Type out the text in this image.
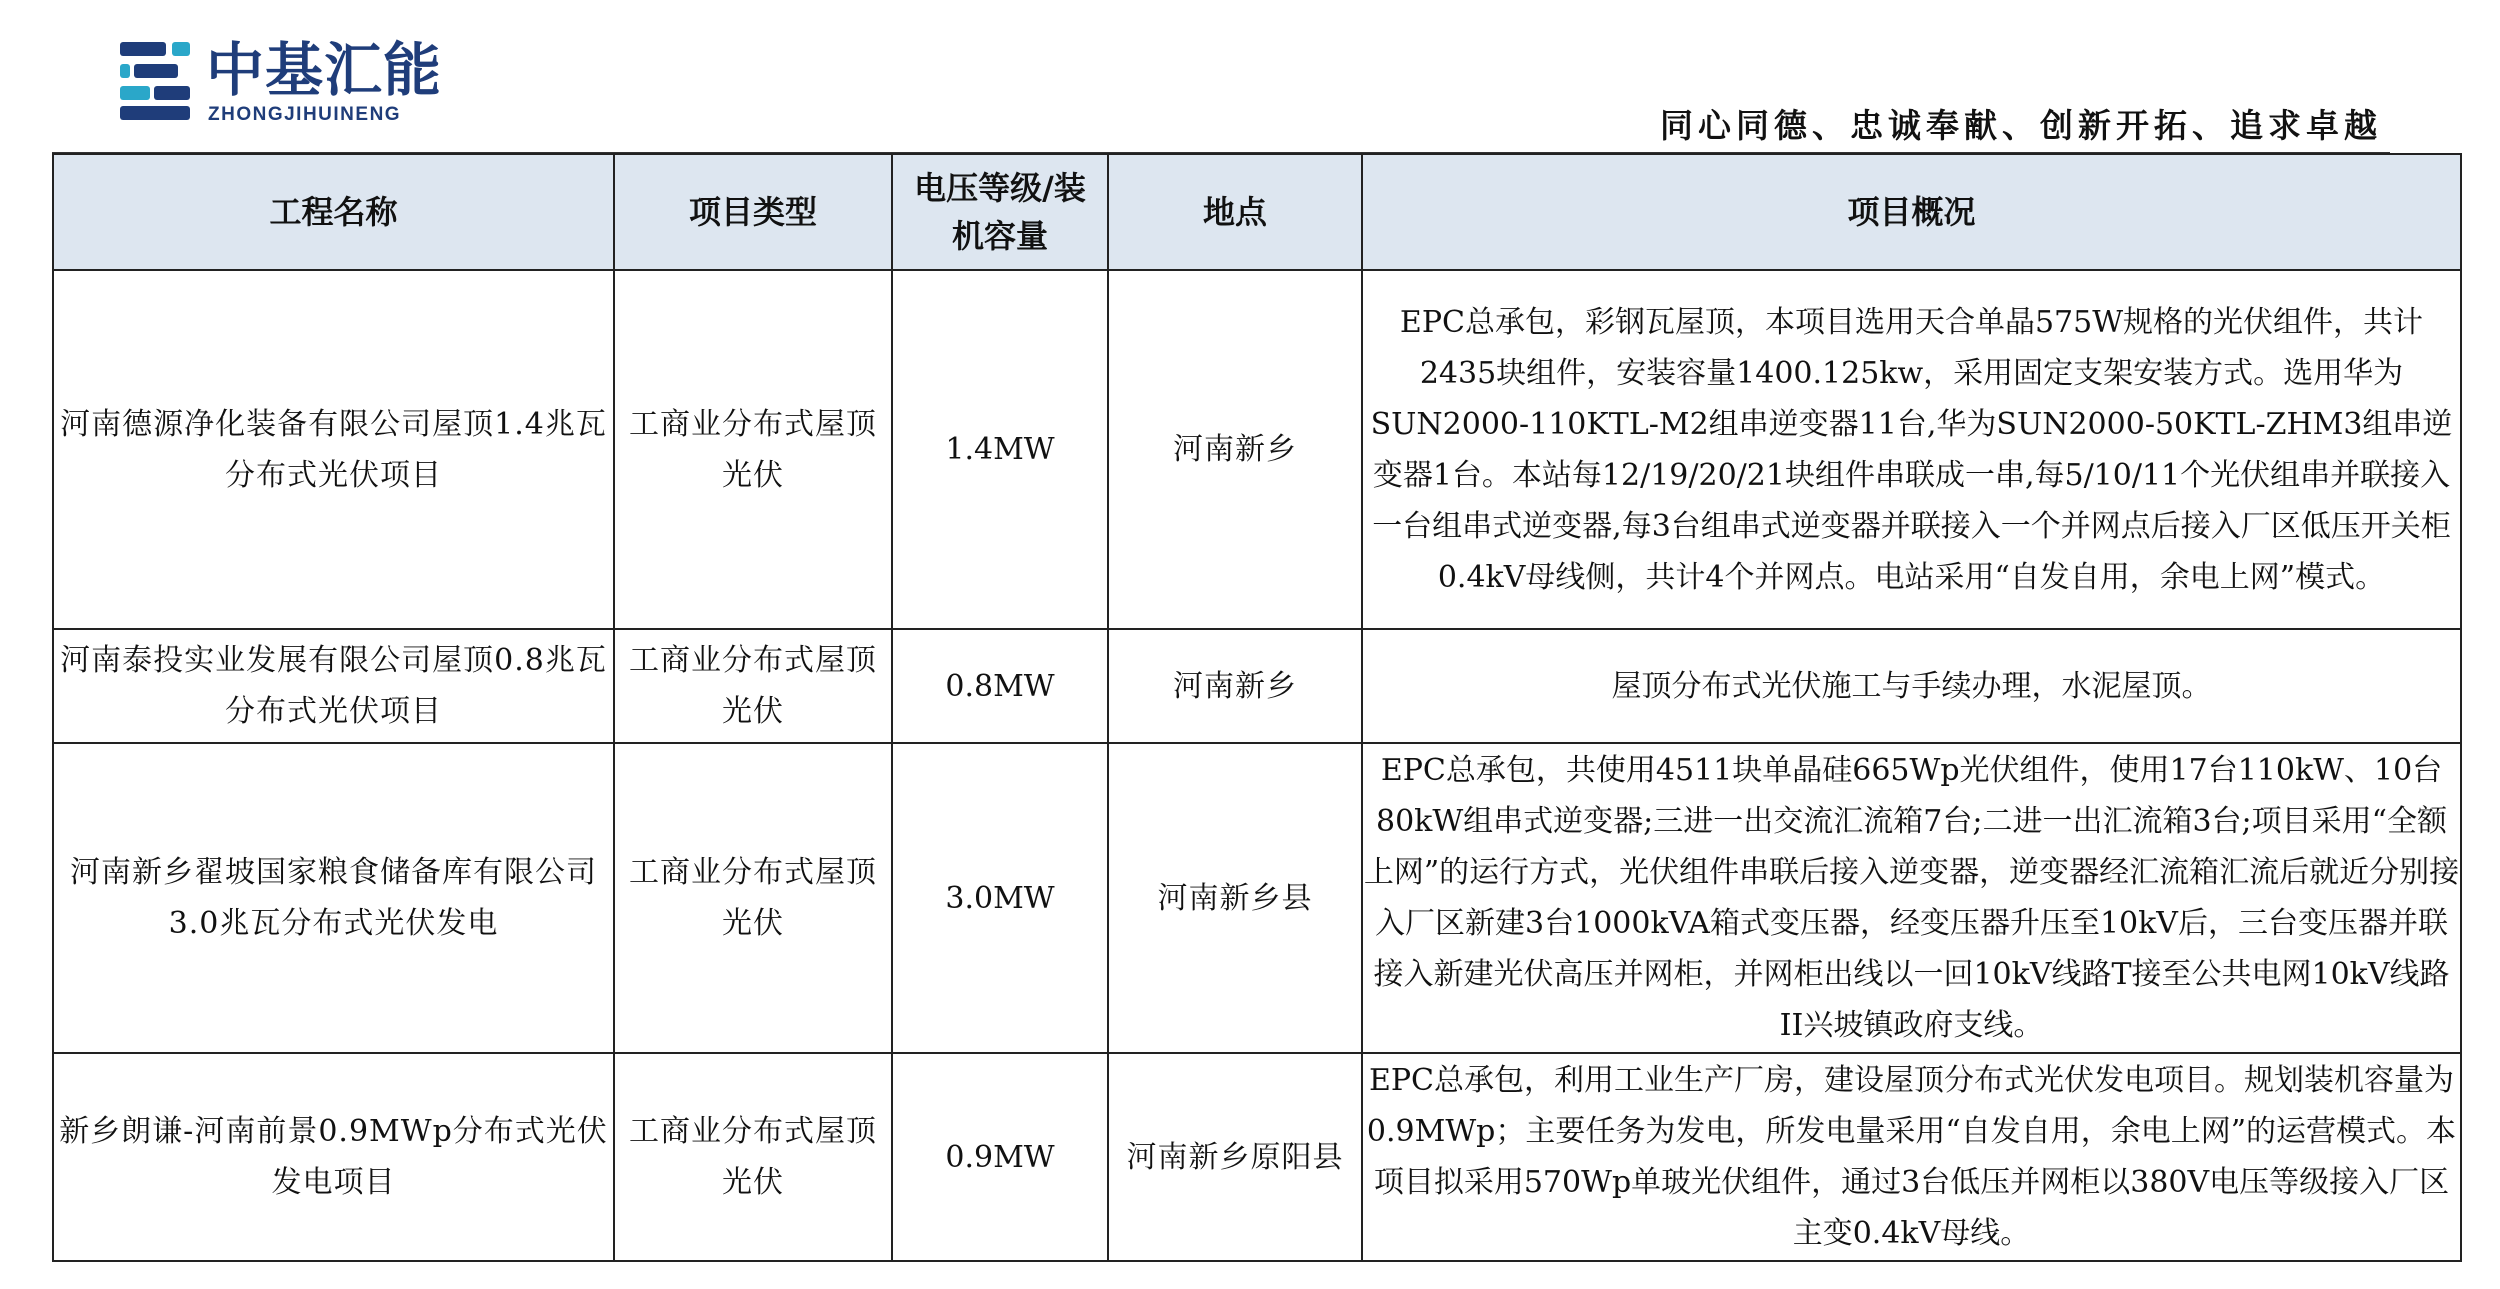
中基汇能
ZHONGJIHUINENG	同心同德、忠诚奉献、创新开拓、追求卓越
工程名称	项目类型	电压等级/装机容量	地点	项目概况
河南德源净化装备有限公司屋顶1.4兆瓦分布式光伏项目	工商业分布式屋顶光伏	1.4MW	河南新乡	EPC总承包，彩钢瓦屋顶，本项目选用天合单晶575W规格的光伏组件，共计2435块组件，安装容量1400.125kw，采用固定支架安装方式。选用华为SUN2000-110KTL-M2组串逆变器11台,华为SUN2000-50KTL-ZHM3组串逆变器1台。本站每12/19/20/21块组件串联成一串,每5/10/11个光伏组串并联接入一台组串式逆变器,每3台组串式逆变器并联接入一个并网点后接入厂区低压开关柜0.4kV母线侧，共计4个并网点。电站采用“自发自用，余电上网”模式。
河南泰投实业发展有限公司屋顶0.8兆瓦分布式光伏项目	工商业分布式屋顶光伏	0.8MW	河南新乡	屋顶分布式光伏施工与手续办理，水泥屋顶。
河南新乡翟坡国家粮食储备库有限公司3.0兆瓦分布式光伏发电	工商业分布式屋顶光伏	3.0MW	河南新乡县	EPC总承包，共使用4511块单晶硅665Wp光伏组件，使用17台110kW、10台80kW组串式逆变器;三进一出交流汇流箱7台;二进一出汇流箱3台;项目采用“全额上网”的运行方式，光伏组件串联后接入逆变器，逆变器经汇流箱汇流后就近分别接入厂区新建3台1000kVA箱式变压器，经变压器升压至10kV后，三台变压器并联接入新建光伏高压并网柜，并网柜出线以一回10kV线路T接至公共电网10kV线路II兴坡镇政府支线。
新乡朗谦-河南前景0.9MWp分布式光伏发电项目	工商业分布式屋顶光伏	0.9MW	河南新乡原阳县	EPC总承包，利用工业生产厂房，建设屋顶分布式光伏发电项目。规划装机容量为0.9MWp；主要任务为发电，所发电量采用“自发自用，余电上网”的运营模式。本项目拟采用570Wp单玻光伏组件，通过3台低压并网柜以380V电压等级接入厂区主变0.4kV母线。
